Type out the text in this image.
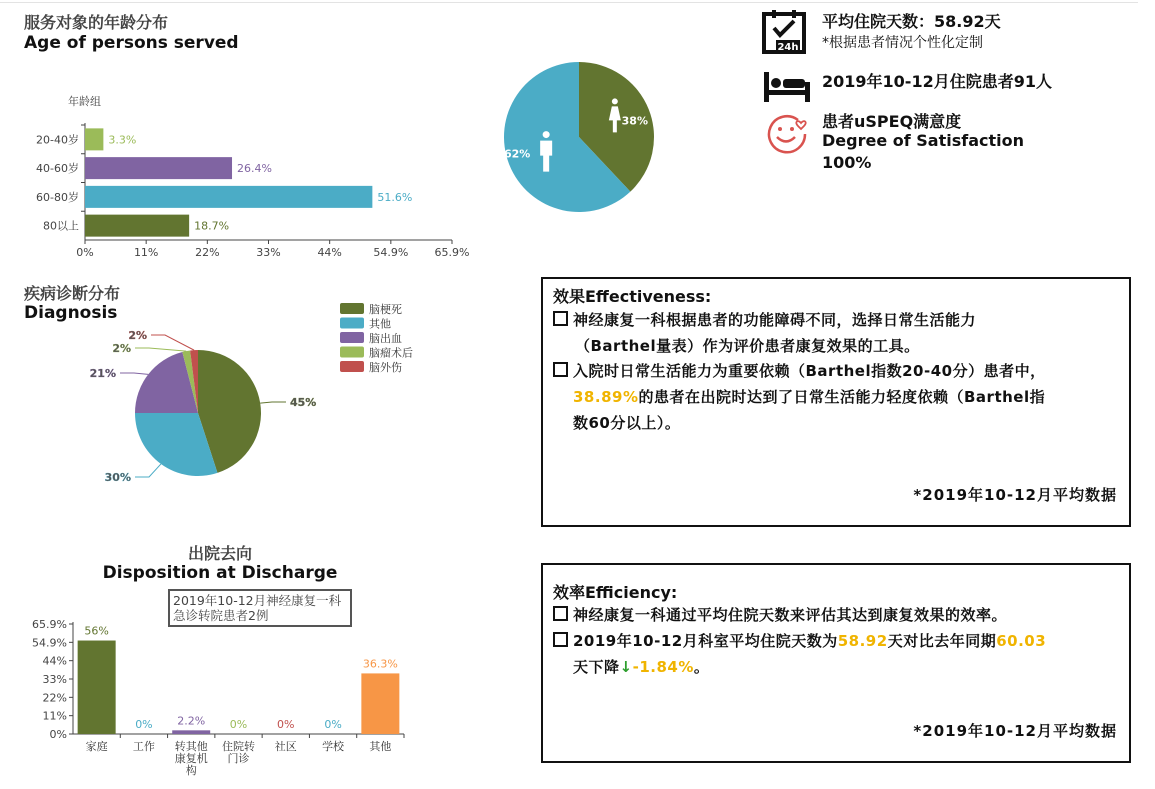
服务对象的年龄分布
Age of persons served
年龄组
20-40岁	3.3%
40-60岁	26.4%
60-80岁	51.6%
80以上	18.7%
0%	11%	22%	33%	44%	54.9% 65.9%
38%
62%
24h
平均住院天数：58.92天
*根据患者情况个性化定制
2019年10-12月住院患者91人
患者uSPEQ满意度
Degree of Satisfaction
100%
疾病诊断分布
Diagnosis
45%
30%
21%
2%
2%
脑梗死
其他
脑出血
脑瘤术后
脑外伤
出院去向
Disposition at Discharge
0%
11%
22%
33%
44%
54.9%
65.9%
56%
家庭
0%
工作
2.2%
转其他康复机构
0%
住院转门诊
0%
社区
0%
学校
36.3%
其他
2019年10-12月神经康复一科急诊转院患者2例
效果Effectiveness:
神经康复一科根据患者的功能障碍不同，选择日常生活能力
（Barthel量表）作为评价患者康复效果的工具。
入院时日常生活能力为重要依赖（Barthel指数20-40分）患者中，
38.89%的患者在出院时达到了日常生活能力轻度依赖（Barthel指
数60分以上）。
*2019年10-12月平均数据
效率Efficiency:
神经康复一科通过平均住院天数来评估其达到康复效果的效率。
2019年10-12月科室平均住院天数为58.92天对比去年同期60.03
天下降↓-1.84%。
*2019年10-12月平均数据
